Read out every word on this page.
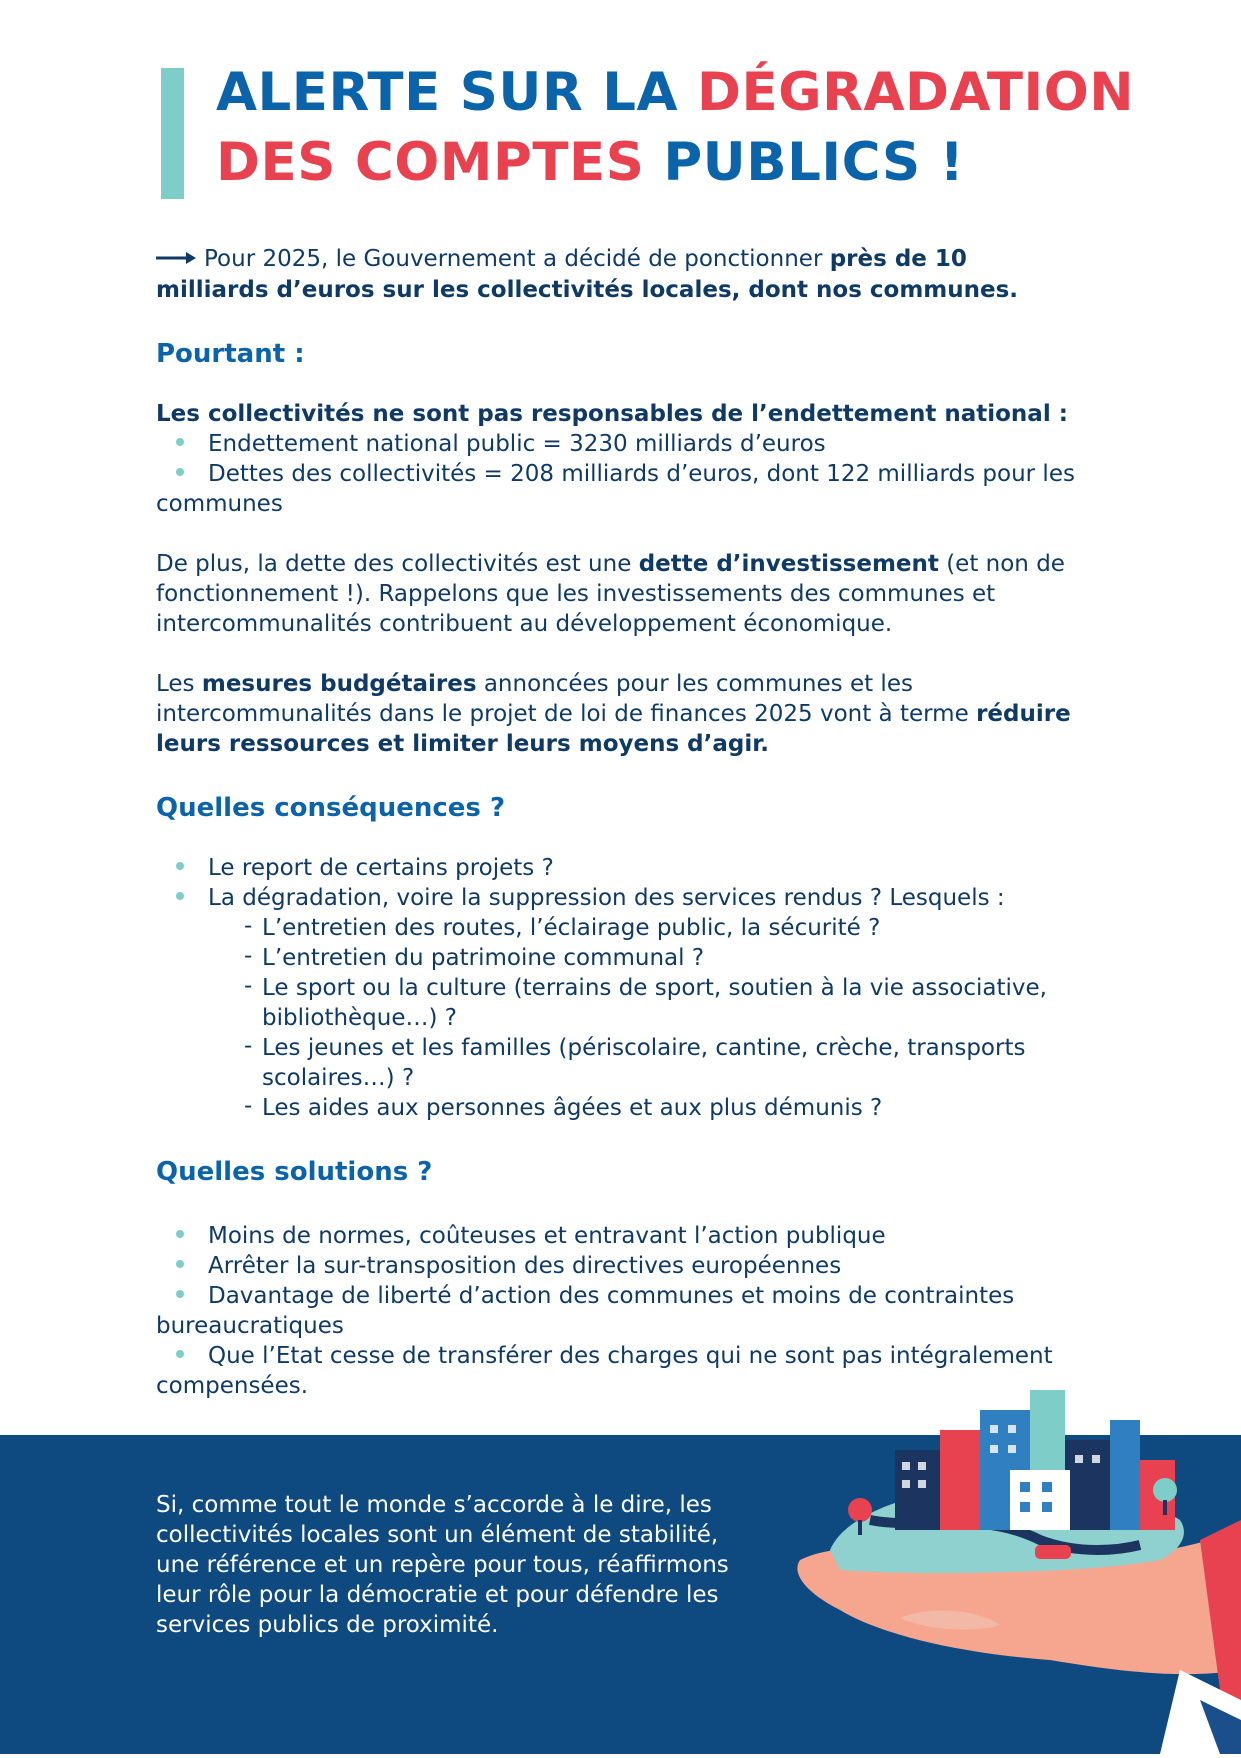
ALERTE SUR LA DÉGRADATION
DES COMPTES PUBLICS !

Pour 2025, le Gouvernement a décidé de ponctionner près de 10 milliards d’euros sur les collectivités locales, dont nos communes.

Pourtant :

Les collectivités ne sont pas responsables de l’endettement national :

Endettement national public = 3230 milliards d’euros

Dettes des collectivités = 208 milliards d’euros, dont 122 milliards pour les communes

De plus, la dette des collectivités est une dette d’investissement (et non de fonctionnement !). Rappelons que les investissements des communes et intercommunalités contribuent au développement économique.

Les mesures budgétaires annoncées pour les communes et les intercommunalités dans le projet de loi de finances 2025 vont à terme réduire leurs ressources et limiter leurs moyens d’agir.

Quelles conséquences ?

Le report de certains projets ?

La dégradation, voire la suppression des services rendus ? Lesquels :

- L’entretien des routes, l’éclairage public, la sécurité ?

- L’entretien du patrimoine communal ?

- Le sport ou la culture (terrains de sport, soutien à la vie associative, bibliothèque…) ?

- Les jeunes et les familles (périscolaire, cantine, crèche, transports scolaires…) ?

- Les aides aux personnes âgées et aux plus démunis ?

Quelles solutions ?

Moins de normes, coûteuses et entravant l’action publique

Arrêter la sur-transposition des directives européennes

Davantage de liberté d’action des communes et moins de contraintes bureaucratiques

Que l’Etat cesse de transférer des charges qui ne sont pas intégralement compensées.

Si, comme tout le monde s’accorde à le dire, les collectivités locales sont un élément de stabilité, une référence et un repère pour tous, réaffirmons leur rôle pour la démocratie et pour défendre les services publics de proximité.
